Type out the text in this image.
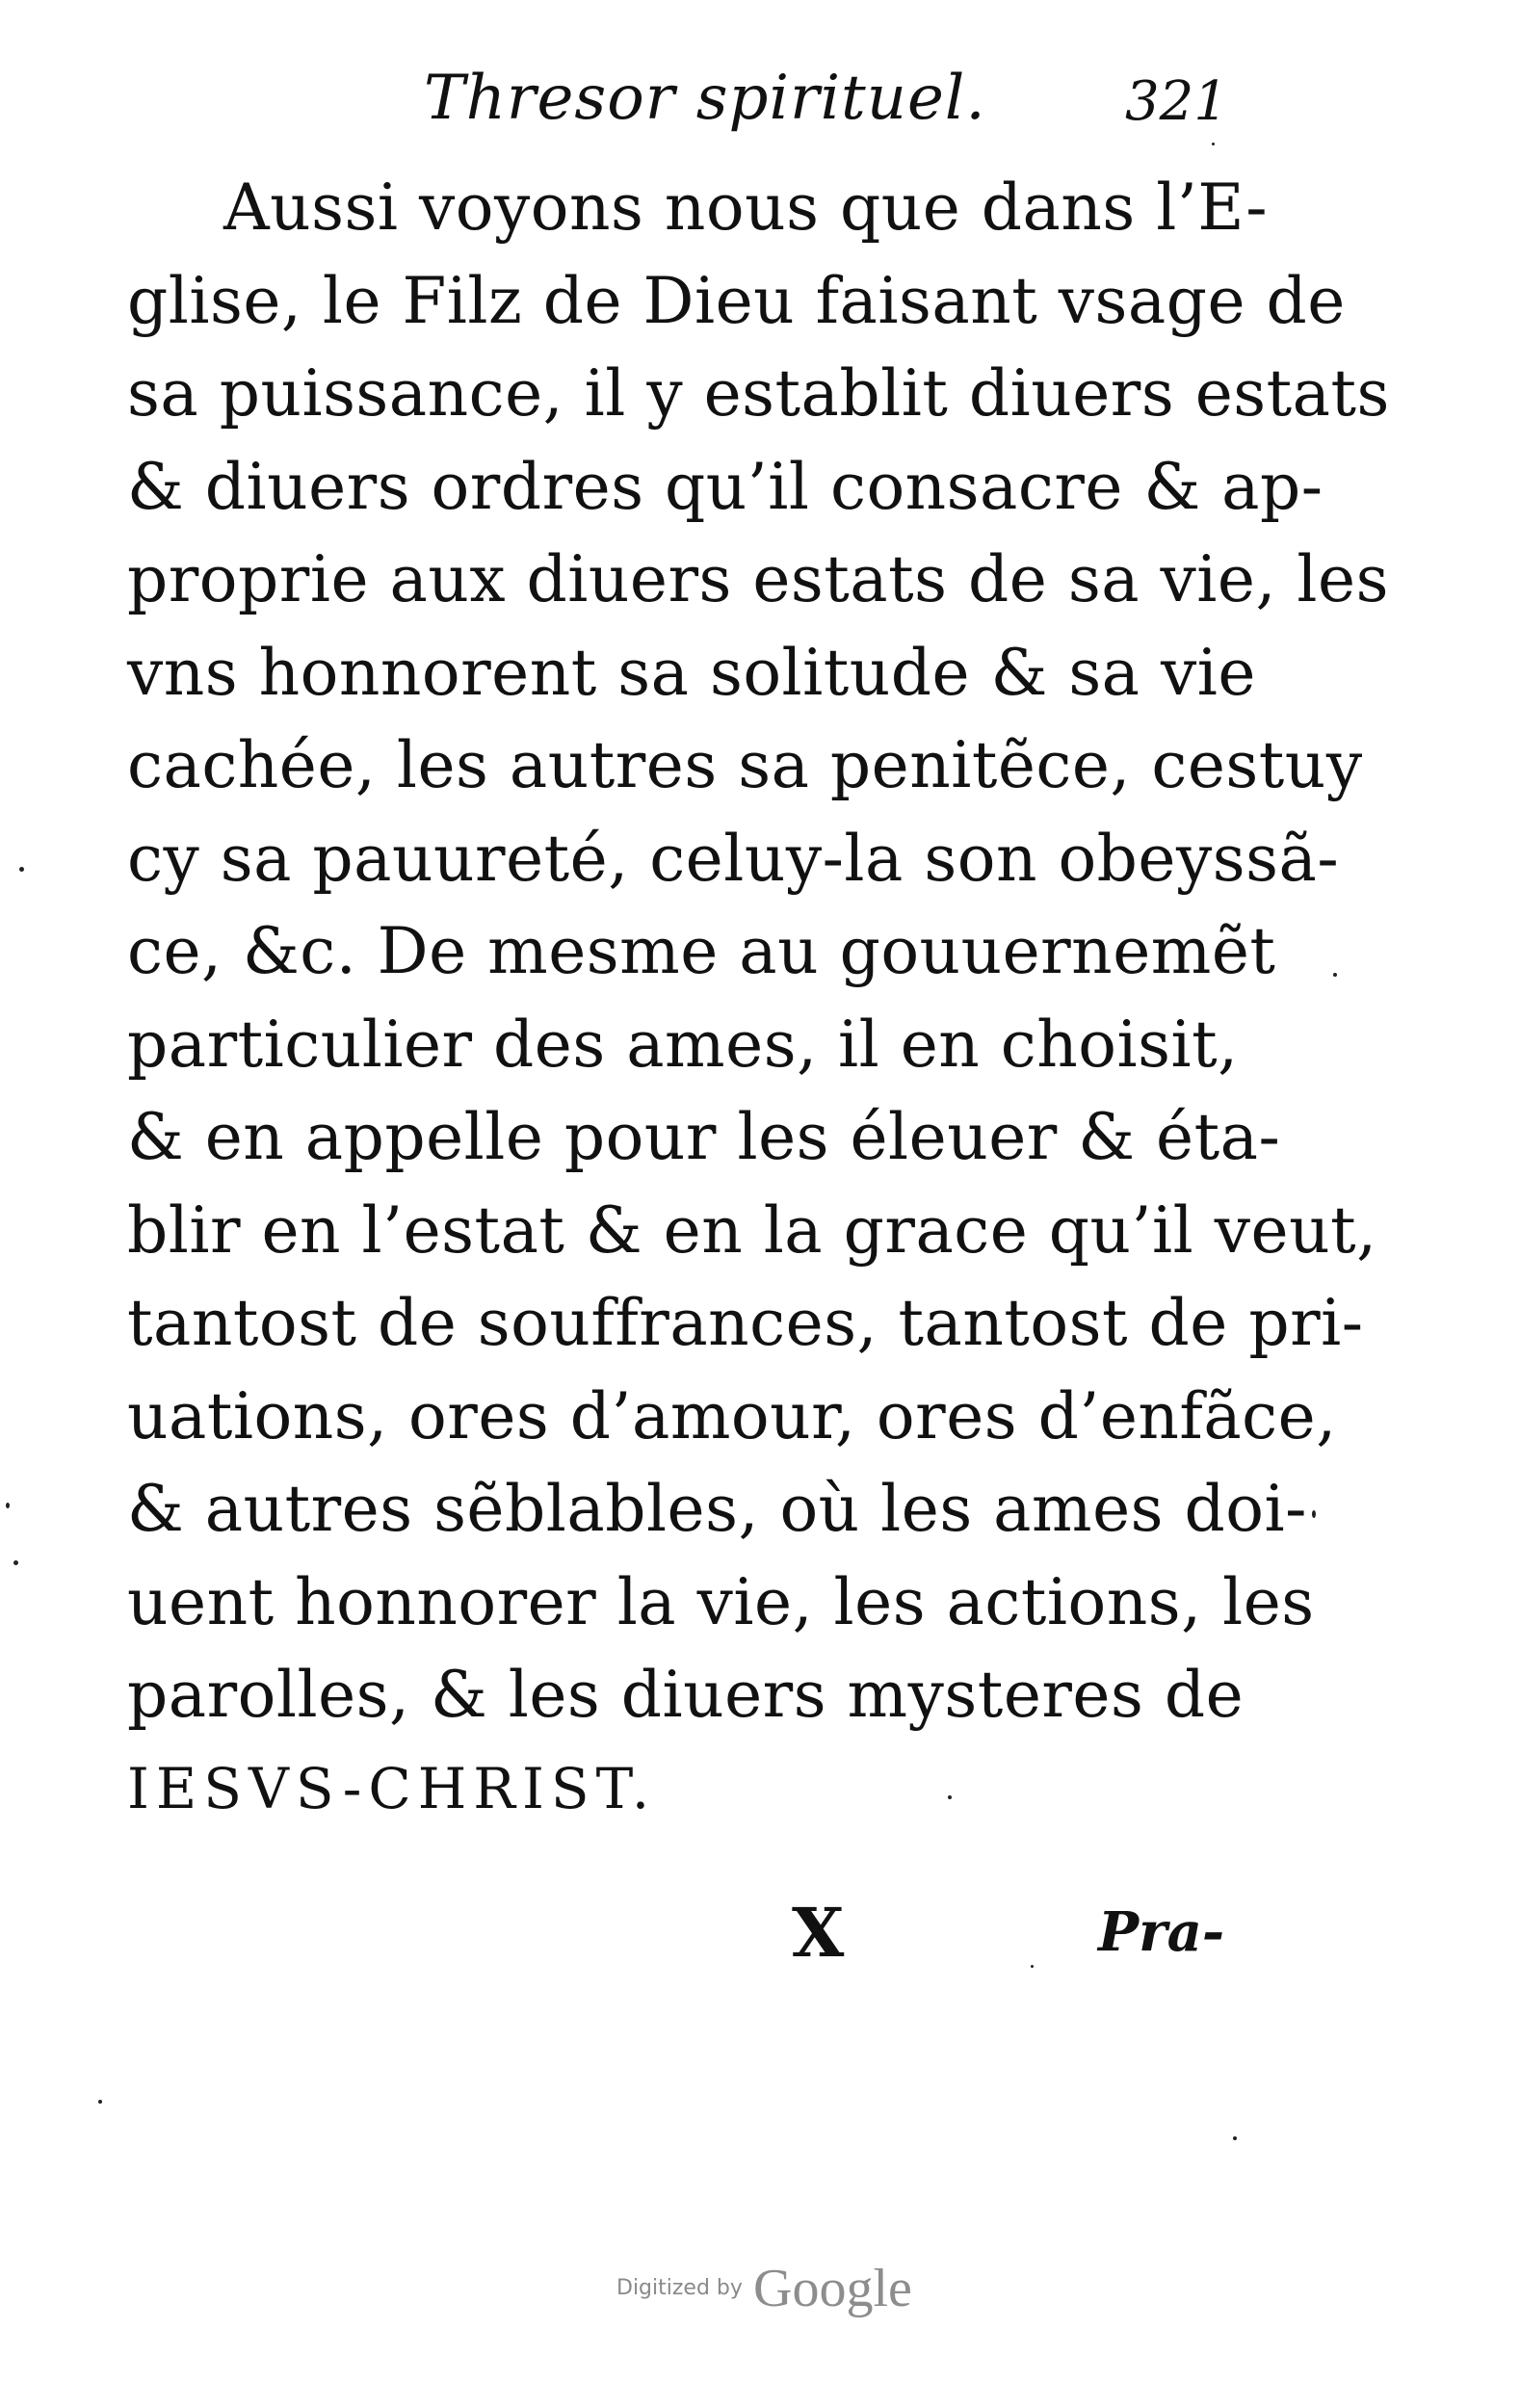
Thresor spirituel.	321
Aussi voyons nous que dans l’E-
glise, le Filz de Dieu faisant vsage de
sa puissance, il y establit diuers estats
& diuers ordres qu’il consacre & ap-
proprie aux diuers estats de sa vie, les
vns honnorent sa solitude & sa vie
cachée, les autres sa penitẽce, cestuy
cy sa pauureté, celuy-la son obeyssã-
ce, &c. De mesme au gouuernemẽt
particulier des ames, il en choisit,
& en appelle pour les éleuer & éta-
blir en l’estat & en la grace qu’il veut,
tantost de souffrances, tantost de pri-
uations, ores d’amour, ores d’enfãce,
& autres sẽblables, où les ames doi-
uent honnorer la vie, les actions, les
parolles, & les diuers mysteres de
IESVS-CHRIST.
X	Pra-
Digitized by Google
